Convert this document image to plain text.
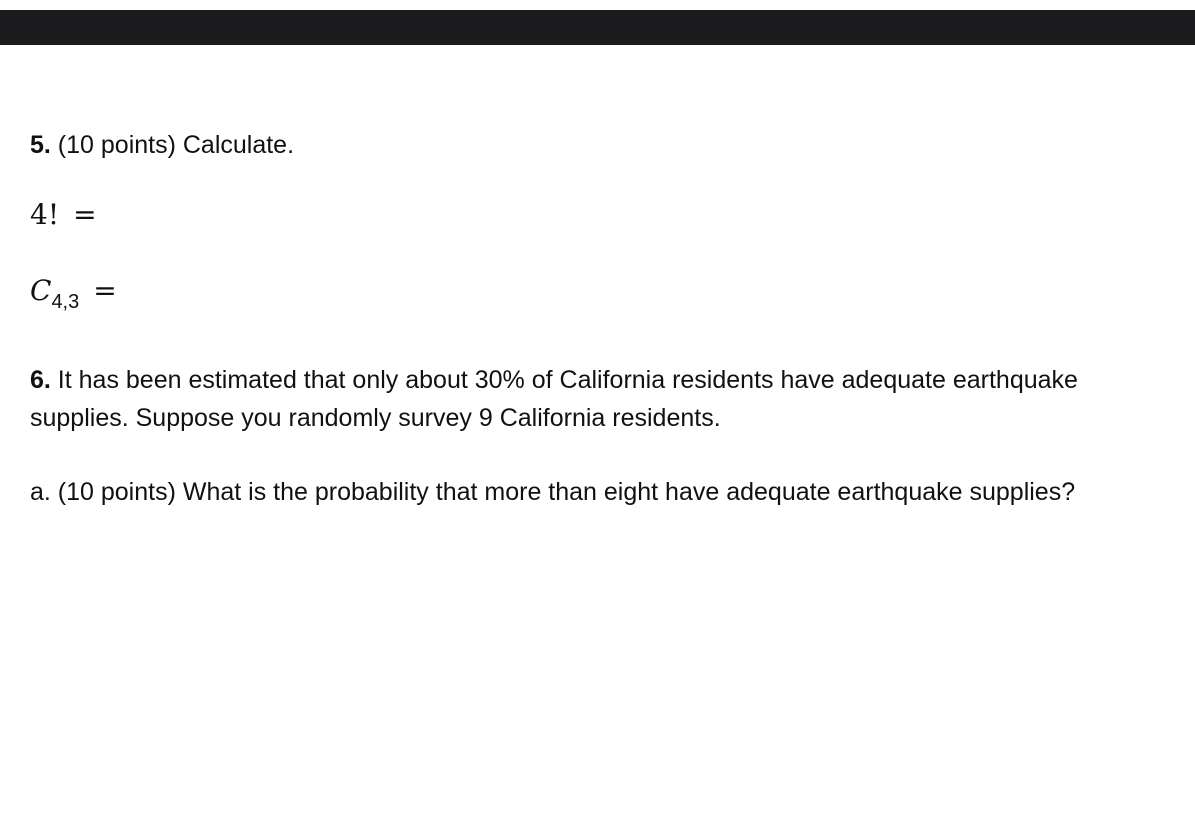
5. (10 points) Calculate.
4! =
$C_{4,3}$ =
6. It has been estimated that only about 30% of California residents have adequate earthquake
supplies. Suppose you randomly survey 9 California residents.
a. (10 points) What is the probability that more than eight have adequate earthquake supplies?
